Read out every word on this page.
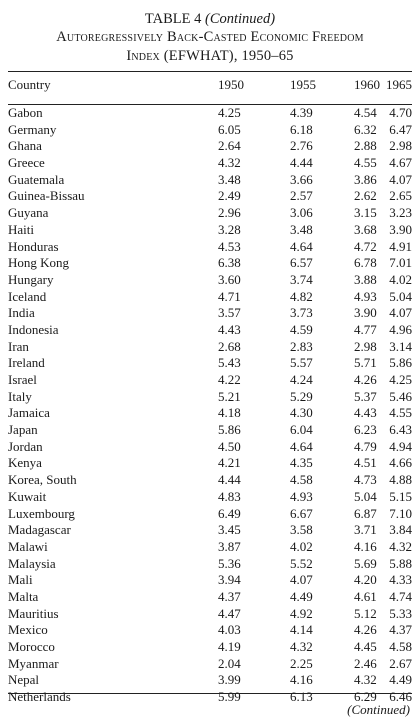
TABLE 4 (Continued)
Autoregressively Back-Casted Economic Freedom
Index (EFWHAT), 1950–65
Country	1950	1955	1960 1965
Gabon	4.25	4.39	4.54 4.70
Germany	6.05	6.18	6.32 6.47
Ghana	2.64	2.76	2.88 2.98
Greece	4.32	4.44	4.55 4.67
Guatemala	3.48	3.66	3.86 4.07
Guinea-Bissau	2.49	2.57	2.62 2.65
Guyana	2.96	3.06	3.15 3.23
Haiti	3.28	3.48	3.68 3.90
Honduras	4.53	4.64	4.72 4.91
Hong Kong	6.38	6.57	6.78 7.01
Hungary	3.60	3.74	3.88 4.02
Iceland	4.71	4.82	4.93 5.04
India	3.57	3.73	3.90 4.07
Indonesia	4.43	4.59	4.77 4.96
Iran	2.68	2.83	2.98 3.14
Ireland	5.43	5.57	5.71 5.86
Israel	4.22	4.24	4.26 4.25
Italy	5.21	5.29	5.37 5.46
Jamaica	4.18	4.30	4.43 4.55
Japan	5.86	6.04	6.23 6.43
Jordan	4.50	4.64	4.79 4.94
Kenya	4.21	4.35	4.51 4.66
Korea, South	4.44	4.58	4.73 4.88
Kuwait	4.83	4.93	5.04 5.15
Luxembourg	6.49	6.67	6.87 7.10
Madagascar	3.45	3.58	3.71 3.84
Malawi	3.87	4.02	4.16 4.32
Malaysia	5.36	5.52	5.69 5.88
Mali	3.94	4.07	4.20 4.33
Malta	4.37	4.49	4.61 4.74
Mauritius	4.47	4.92	5.12 5.33
Mexico	4.03	4.14	4.26 4.37
Morocco	4.19	4.32	4.45 4.58
Myanmar	2.04	2.25	2.46 2.67
Nepal	3.99	4.16	4.32 4.49
Netherlands	5.99	6.13	6.29 6.46
(Continued)
